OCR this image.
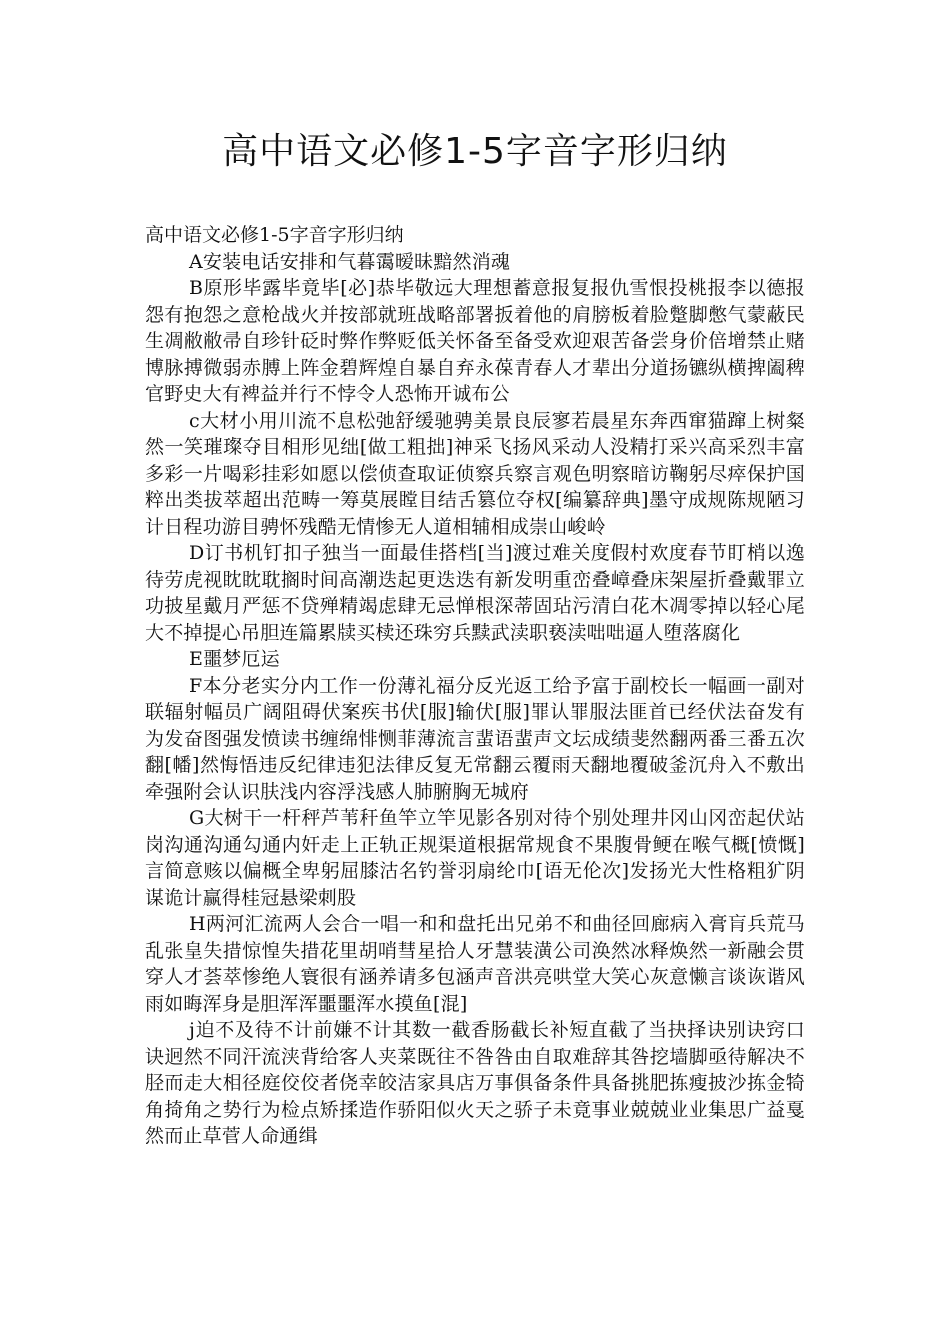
高中语文必修1-5字音字形归纳

高中语文必修1-5字音字形归纳

A安装电话安排和气暮霭暧昧黯然消魂

B原形毕露毕竟毕[必]恭毕敬远大理想蓄意报复报仇雪恨投桃报李以德报怨有抱怨之意枪战火并按部就班战略部署扳着他的肩膀板着脸蹩脚憋气蒙蔽民生凋敝敝帚自珍针砭时弊作弊贬低关怀备至备受欢迎艰苦备尝身价倍增禁止赌博脉搏微弱赤膊上阵金碧辉煌自暴自弃永葆青春人才辈出分道扬镳纵横捭阖稗官野史大有裨益并行不悖令人恐怖开诚布公

c大材小用川流不息松弛舒缓驰骋美景良辰寥若晨星东奔西窜猫蹿上树粲然一笑璀璨夺目相形见绌[做工粗拙]神采飞扬风采动人没精打采兴高采烈丰富多彩一片喝彩挂彩如愿以偿侦查取证侦察兵察言观色明察暗访鞠躬尽瘁保护国粹出类拔萃超出范畴一筹莫展瞠目结舌篡位夺权[编纂辞典]墨守成规陈规陋习计日程功游目骋怀残酷无情惨无人道相辅相成崇山峻岭

D订书机钉扣子独当一面最佳搭档[当]渡过难关度假村欢度春节盯梢以逸待劳虎视眈眈耽搁时间高潮迭起更迭迭有新发明重峦叠嶂叠床架屋折叠戴罪立功披星戴月严惩不贷殚精竭虑肆无忌惮根深蒂固玷污清白花木凋零掉以轻心尾大不掉提心吊胆连篇累牍买椟还珠穷兵黩武渎职亵渎咄咄逼人堕落腐化

E噩梦厄运

F本分老实分内工作一份薄礼福分反光返工给予富于副校长一幅画一副对联辐射幅员广阔阻碍伏案疾书伏[服]输伏[服]罪认罪服法匪首已经伏法奋发有为发奋图强发愤读书缠绵悱恻菲薄流言蜚语蜚声文坛成绩斐然翻两番三番五次翻[幡]然悔悟违反纪律违犯法律反复无常翻云覆雨天翻地覆破釜沉舟入不敷出牵强附会认识肤浅内容浮浅感人肺腑胸无城府

G大树干一杆秤芦苇秆鱼竿立竿见影各别对待个别处理井冈山冈峦起伏站岗沟通沟通勾通内奸走上正轨正规渠道根据常规食不果腹骨鲠在喉气概[愤慨]言简意赅以偏概全卑躬屈膝沽名钓誉羽扇纶巾[语无伦次]发扬光大性格粗犷阴谋诡计赢得桂冠悬梁刺股

H两河汇流两人会合一唱一和和盘托出兄弟不和曲径回廊病入膏肓兵荒马乱张皇失措惊惶失措花里胡哨彗星拾人牙慧装潢公司涣然冰释焕然一新融会贯穿人才荟萃惨绝人寰很有涵养请多包涵声音洪亮哄堂大笑心灰意懒言谈诙谐风雨如晦浑身是胆浑浑噩噩浑水摸鱼[混]

j迫不及待不计前嫌不计其数一截香肠截长补短直截了当抉择诀别诀窍口诀迥然不同汗流浃背给客人夹菜既往不咎咎由自取难辞其咎挖墙脚亟待解决不胫而走大相径庭佼佼者侥幸皎洁家具店万事俱备条件具备挑肥拣瘦披沙拣金犄角掎角之势行为检点矫揉造作骄阳似火天之骄子未竟事业兢兢业业集思广益戛然而止草菅人命通缉
